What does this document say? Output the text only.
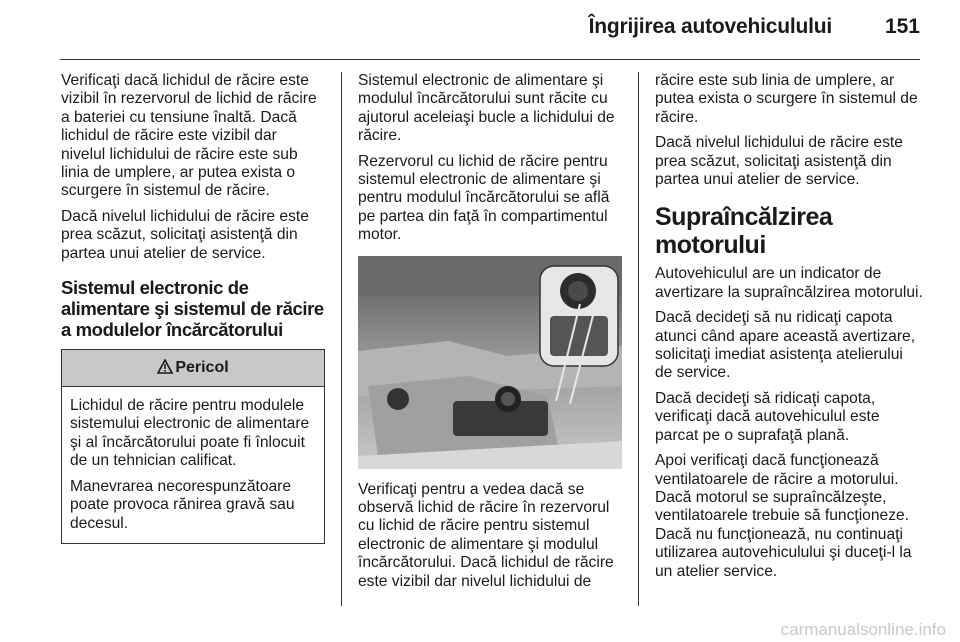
Îngrijirea autovehiculului	151

Verificaţi dacă lichidul de răcire este vizibil în rezervorul de lichid de răcire a bateriei cu tensiune înaltă. Dacă lichidul de răcire este vizibil dar nivelul lichidului de răcire este sub linia de umplere, ar putea exista o scurgere în sistemul de răcire.

Dacă nivelul lichidului de răcire este prea scăzut, solicitaţi asistenţă din partea unui atelier de service.

Sistemul electronic de alimentare şi sistemul de răcire a modulelor încărcătorului
Pericol

Lichidul de răcire pentru modulele sistemului electronic de alimentare şi al încărcătorului poate fi înlocuit de un tehnician calificat.

Manevrarea necorespunzătoare poate provoca rănirea gravă sau decesul.

Sistemul electronic de alimentare şi modulul încărcătorului sunt răcite cu ajutorul aceleiaşi bucle a lichidului de răcire.

Rezervorul cu lichid de răcire pentru sistemul electronic de alimentare şi pentru modulul încărcătorului se află pe partea din faţă în compartimentul motor.

Verificaţi pentru a vedea dacă se observă lichid de răcire în rezervorul cu lichid de răcire pentru sistemul electronic de alimentare şi modulul încărcătorului. Dacă lichidul de răcire este vizibil dar nivelul lichidului de

răcire este sub linia de umplere, ar putea exista o scurgere în sistemul de răcire.

Dacă nivelul lichidului de răcire este prea scăzut, solicitaţi asistenţă din partea unui atelier de service.

Supraîncălzirea motorului

Autovehiculul are un indicator de avertizare la supraîncălzirea motorului.

Dacă decideţi să nu ridicaţi capota atunci când apare această avertizare, solicitaţi imediat asistenţa atelierului de service.

Dacă decideţi să ridicaţi capota, verificaţi dacă autovehiculul este parcat pe o suprafaţă plană.

Apoi verificaţi dacă funcţionează ventilatoarele de răcire a motorului. Dacă motorul se supraîncălzeşte, ventilatoarele trebuie să funcţioneze. Dacă nu funcţionează, nu continuaţi utilizarea autovehiculului şi duceţi-l la un atelier service.

carmanualsonline.info
